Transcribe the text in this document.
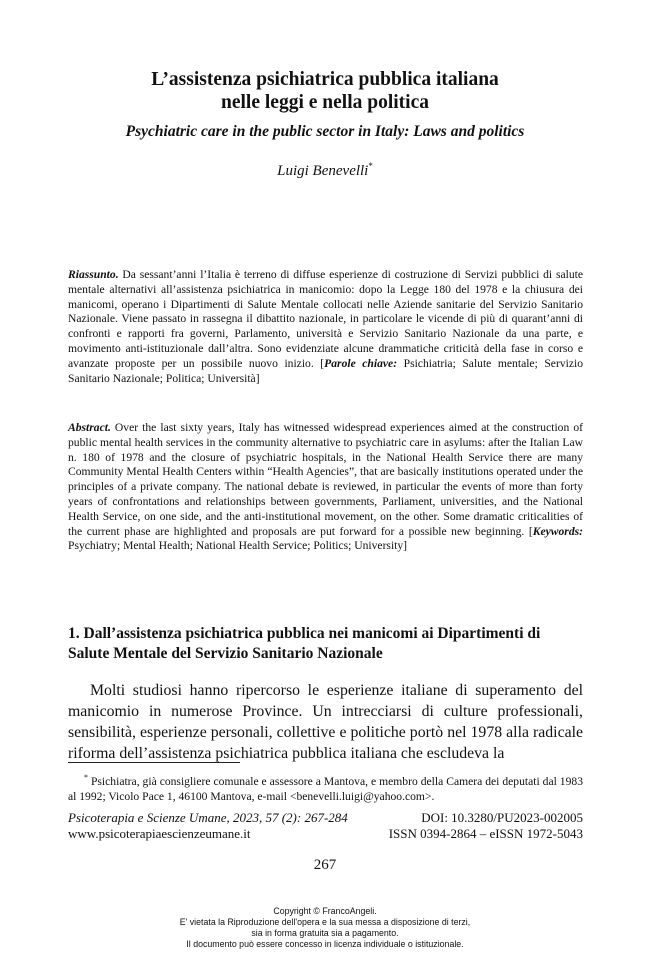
L’assistenza psichiatrica pubblica italiana
nelle leggi e nella politica
Psychiatric care in the public sector in Italy: Laws and politics
Luigi Benevelli*
Riassunto. Da sessant’anni l’Italia è terreno di diffuse esperienze di costruzione di Servizi pubblici di salute mentale alternativi all’assistenza psichiatrica in manicomio: dopo la Legge 180 del 1978 e la chiusura dei manicomi, operano i Dipartimenti di Salute Mentale collocati nelle Aziende sanitarie del Servizio Sanitario Nazionale. Viene passato in rassegna il dibattito nazionale, in particolare le vicende di più di quarant’anni di confronti e rapporti fra governi, Parlamento, università e Servizio Sanitario Nazionale da una parte, e movimento anti-istituzionale dall’altra. Sono evidenziate alcune drammatiche criticità della fase in corso e avanzate proposte per un possibile nuovo inizio. [Parole chiave: Psichiatria; Salute mentale; Servizio Sanitario Nazionale; Politica; Università]
Abstract. Over the last sixty years, Italy has witnessed widespread experiences aimed at the construction of public mental health services in the community alternative to psychiatric care in asylums: after the Italian Law n. 180 of 1978 and the closure of psychiatric hospitals, in the National Health Service there are many Community Mental Health Centers within “Health Agencies”, that are basically institutions operated under the principles of a private company. The national debate is reviewed, in particular the events of more than forty years of confrontations and relationships between governments, Parliament, universities, and the National Health Service, on one side, and the anti-institutional movement, on the other. Some dramatic criticalities of the current phase are highlighted and proposals are put forward for a possible new beginning. [Keywords: Psychiatry; Mental Health; National Health Service; Politics; University]
1. Dall’assistenza psichiatrica pubblica nei manicomi ai Dipartimenti di Salute Mentale del Servizio Sanitario Nazionale
Molti studiosi hanno ripercorso le esperienze italiane di superamento del manicomio in numerose Province. Un intrecciarsi di culture professionali, sensibilità, esperienze personali, collettive e politiche portò nel 1978 alla radicale riforma dell’assistenza psichiatrica pubblica italiana che escludeva la
* Psichiatra, già consigliere comunale e assessore a Mantova, e membro della Camera dei deputati dal 1983 al 1992; Vicolo Pace 1, 46100 Mantova, e-mail <benevelli.luigi@yahoo.com>.
Psicoterapia e Scienze Umane, 2023, 57 (2): 267-284	DOI: 10.3280/PU2023-002005
www.psicoterapiaescienzeumane.it	ISSN 0394-2864 – eISSN 1972-5043
267
Copyright © FrancoAngeli.
E' vietata la Riproduzione dell'opera e la sua messa a disposizione di terzi,
sia in forma gratuita sia a pagamento.
Il documento può essere concesso in licenza individuale o istituzionale.
